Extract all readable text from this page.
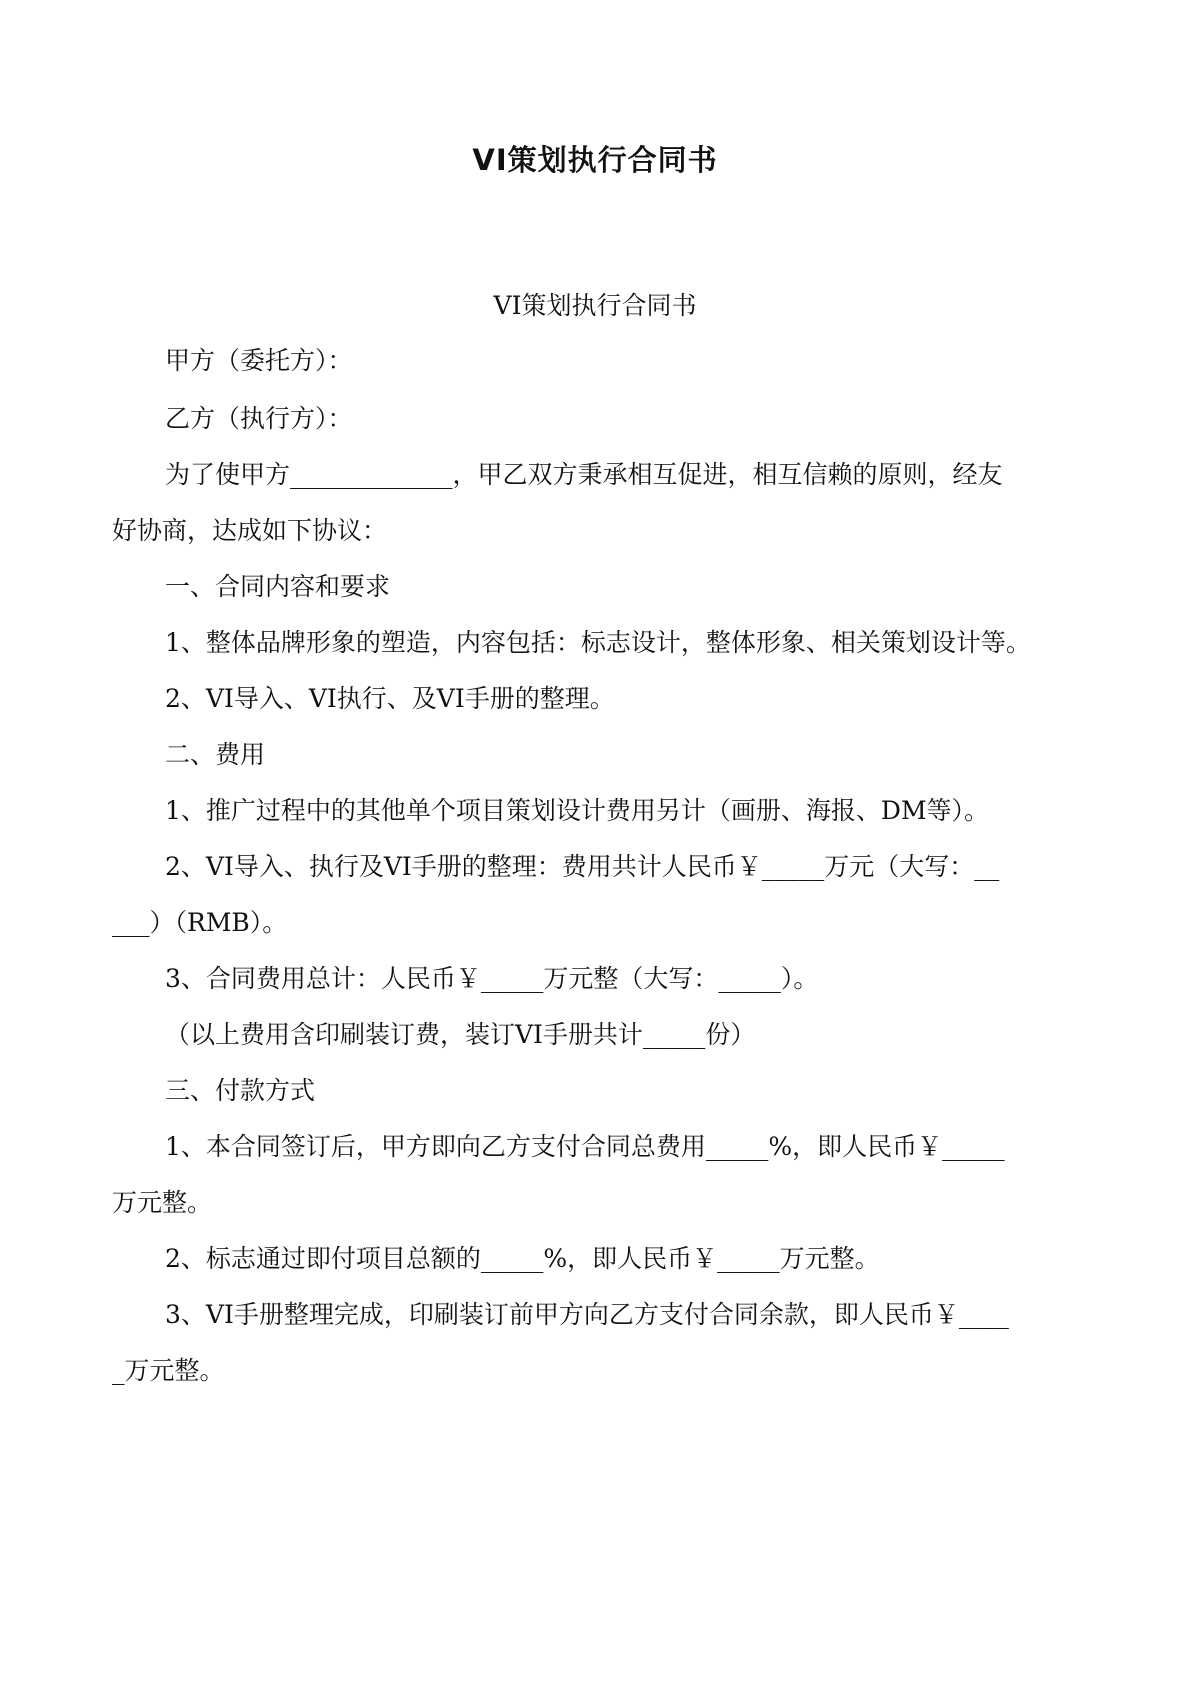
VI策划执行合同书
VI策划执行合同书
甲方（委托方）：
乙方（执行方）：
为了使甲方_____________，甲乙双方秉承相互促进，相互信赖的原则，经友
好协商，达成如下协议：
一、合同内容和要求
1、整体品牌形象的塑造，内容包括：标志设计，整体形象、相关策划设计等。
2、VI导入、VI执行、及VI手册的整理。
二、费用
1、推广过程中的其他单个项目策划设计费用另计（画册、海报、DM等）。
2、VI导入、执行及VI手册的整理：费用共计人民币￥_____万元（大写：__
___）（RMB）。
3、合同费用总计：人民币￥_____万元整（大写：_____）。
（以上费用含印刷装订费，装订VI手册共计_____份）
三、付款方式
1、本合同签订后，甲方即向乙方支付合同总费用_____%，即人民币￥_____
万元整。
2、标志通过即付项目总额的_____%，即人民币￥_____万元整。
3、VI手册整理完成，印刷装订前甲方向乙方支付合同余款，即人民币￥____
_万元整。
